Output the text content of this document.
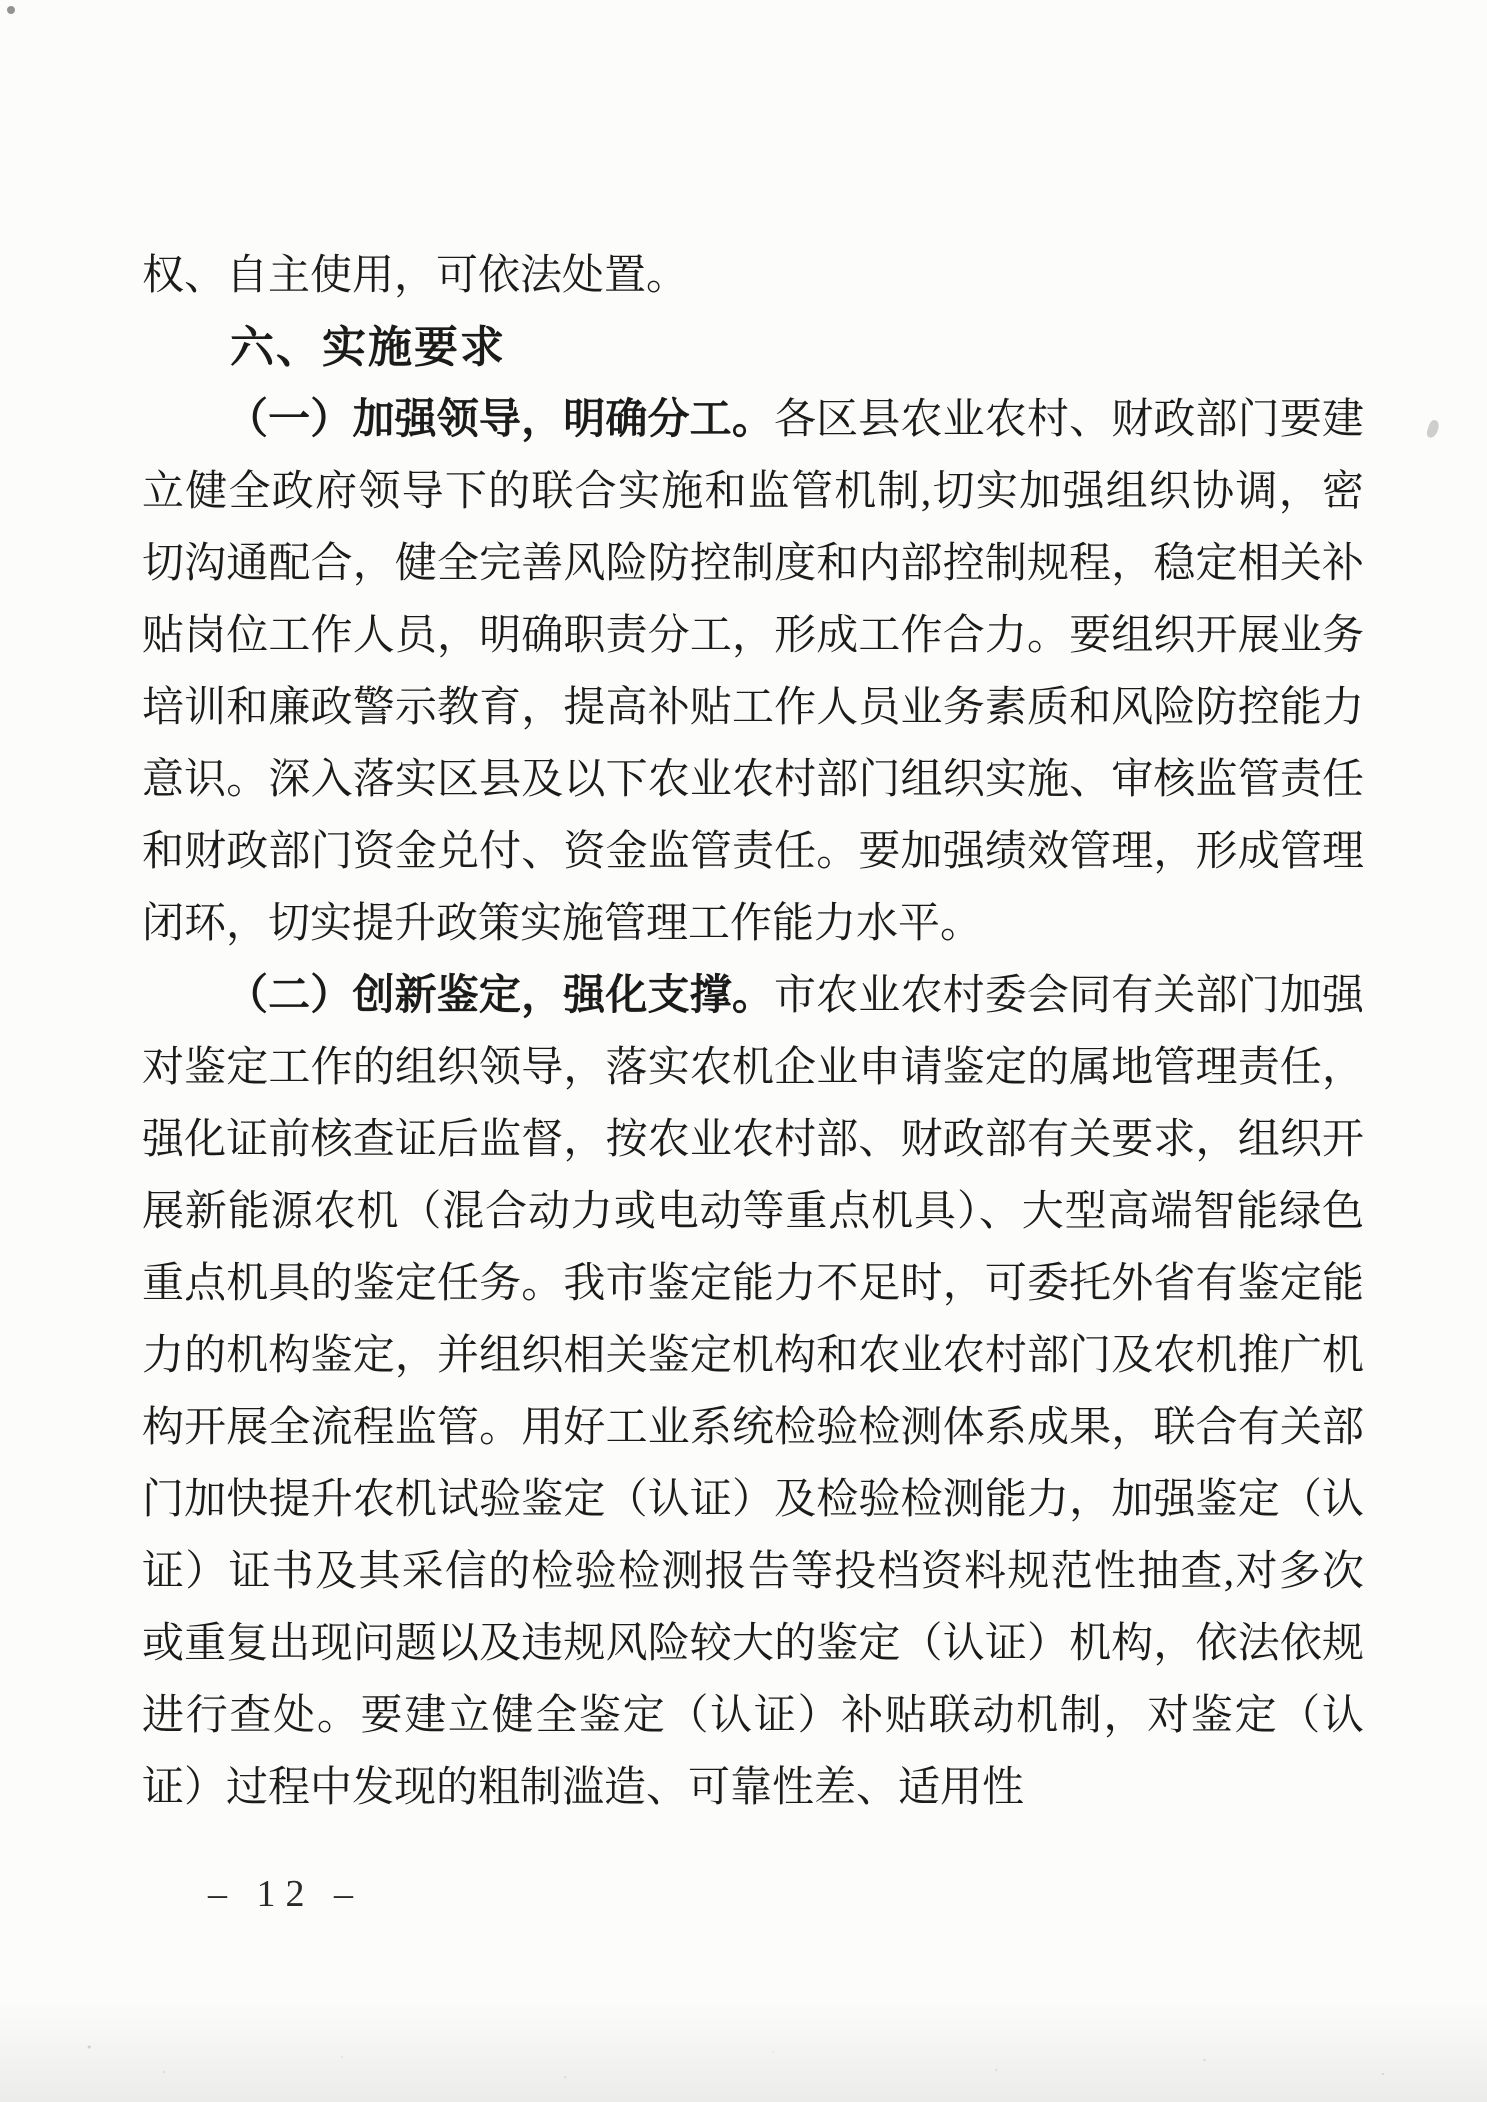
权、自主使用，可依法处置。

六、实施要求

（一）加强领导，明确分工。各区县农业农村、财政部门要建立健全政府领导下的联合实施和监管机制,切实加强组织协调，密切沟通配合，健全完善风险防控制度和内部控制规程，稳定相关补贴岗位工作人员，明确职责分工，形成工作合力。要组织开展业务培训和廉政警示教育，提高补贴工作人员业务素质和风险防控能力意识。深入落实区县及以下农业农村部门组织实施、审核监管责任和财政部门资金兑付、资金监管责任。要加强绩效管理，形成管理闭环，切实提升政策实施管理工作能力水平。

（二）创新鉴定，强化支撑。市农业农村委会同有关部门加强对鉴定工作的组织领导，落实农机企业申请鉴定的属地管理责任，强化证前核查证后监督，按农业农村部、财政部有关要求，组织开展新能源农机（混合动力或电动等重点机具）、大型高端智能绿色重点机具的鉴定任务。我市鉴定能力不足时，可委托外省有鉴定能力的机构鉴定，并组织相关鉴定机构和农业农村部门及农机推广机构开展全流程监管。用好工业系统检验检测体系成果，联合有关部门加快提升农机试验鉴定（认证）及检验检测能力，加强鉴定（认证）证书及其采信的检验检测报告等投档资料规范性抽查,对多次或重复出现问题以及违规风险较大的鉴定（认证）机构，依法依规进行查处。要建立健全鉴定（认证）补贴联动机制，对鉴定（认证）过程中发现的粗制滥造、可靠性差、适用性

– 12 –
